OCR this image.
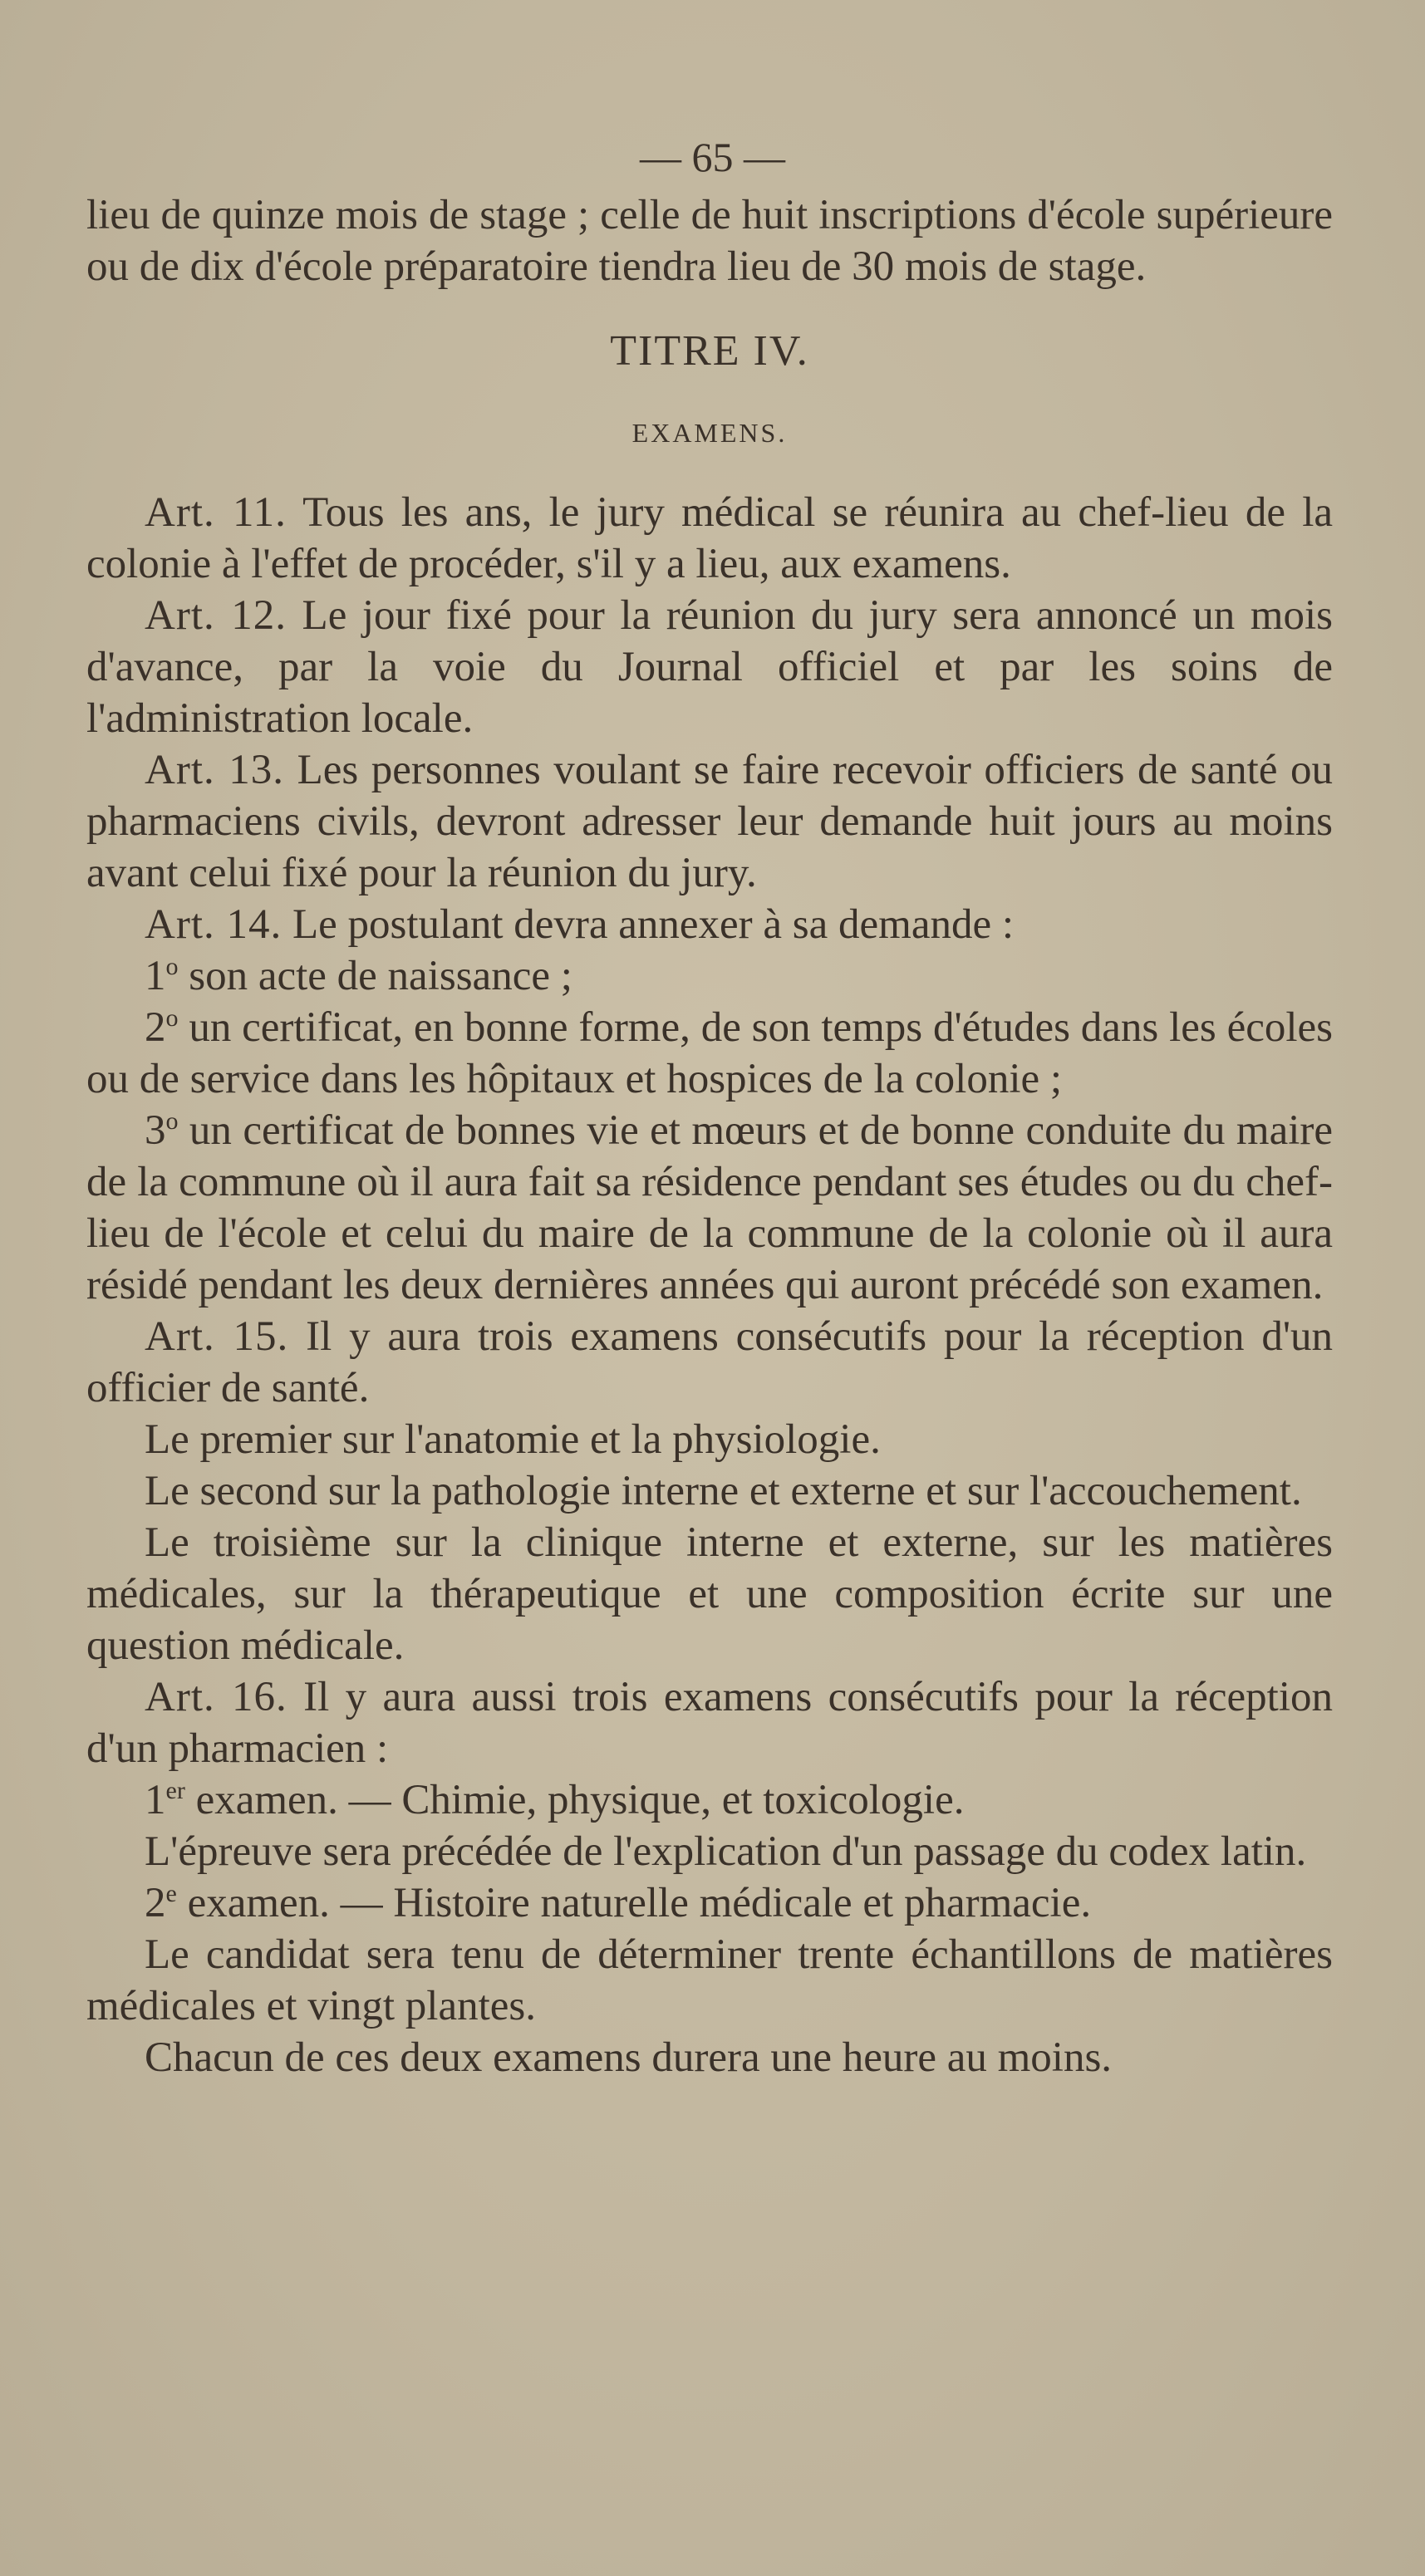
— 65 —

lieu de quinze mois de stage ; celle de huit inscriptions d'école supérieure ou de dix d'école préparatoire tiendra lieu de 30 mois de stage.

TITRE IV.

EXAMENS.

Art. 11. Tous les ans, le jury médical se réunira au chef-lieu de la colonie à l'effet de procéder, s'il y a lieu, aux examens.

Art. 12. Le jour fixé pour la réunion du jury sera annoncé un mois d'avance, par la voie du Journal officiel et par les soins de l'administration locale.

Art. 13. Les personnes voulant se faire recevoir officiers de santé ou pharmaciens civils, devront adresser leur demande huit jours au moins avant celui fixé pour la réunion du jury.

Art. 14. Le postulant devra annexer à sa demande :

1$^o$ son acte de naissance ;

2$^o$ un certificat, en bonne forme, de son temps d'études dans les écoles ou de service dans les hôpitaux et hospices de la colonie ;

3$^o$ un certificat de bonnes vie et mœurs et de bonne conduite du maire de la commune où il aura fait sa résidence pendant ses études ou du chef-lieu de l'école et celui du maire de la commune de la colonie où il aura résidé pendant les deux dernières années qui auront précédé son examen.

Art. 15. Il y aura trois examens consécutifs pour la réception d'un officier de santé.

Le premier sur l'anatomie et la physiologie.

Le second sur la pathologie interne et externe et sur l'accouchement.

Le troisième sur la clinique interne et externe, sur les matières médicales, sur la thérapeutique et une composition écrite sur une question médicale.

Art. 16. Il y aura aussi trois examens consécutifs pour la réception d'un pharmacien :

1er examen. — Chimie, physique, et toxicologie.

L'épreuve sera précédée de l'explication d'un passage du codex latin.

2e examen. — Histoire naturelle médicale et pharmacie.

Le candidat sera tenu de déterminer trente échantillons de matières médicales et vingt plantes.

Chacun de ces deux examens durera une heure au moins.
